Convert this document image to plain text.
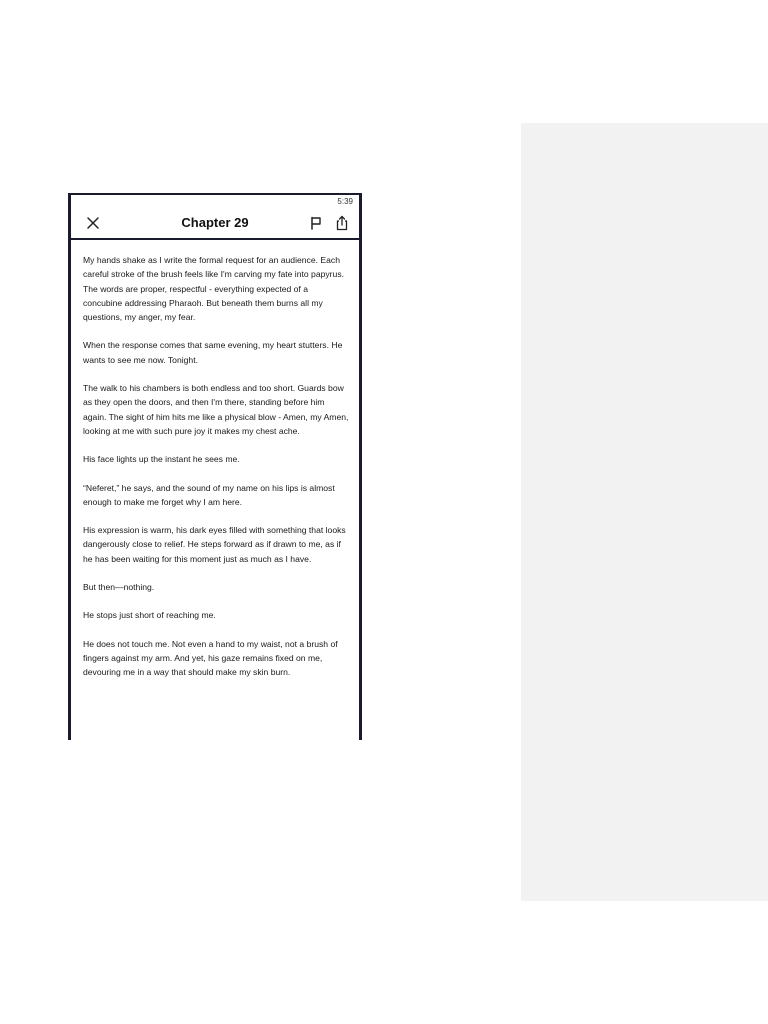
5:39
Chapter 29

My hands shake as I write the formal request for an audience. Each careful stroke of the brush feels like I'm carving my fate into papyrus. The words are proper, respectful - everything expected of a concubine addressing Pharaoh. But beneath them burns all my questions, my anger, my fear.

When the response comes that same evening, my heart stutters. He wants to see me now. Tonight.

The walk to his chambers is both endless and too short. Guards bow as they open the doors, and then I'm there, standing before him again. The sight of him hits me like a physical blow - Amen, my Amen, looking at me with such pure joy it makes my chest ache.

His face lights up the instant he sees me.

“Neferet,” he says, and the sound of my name on his lips is almost enough to make me forget why I am here.

His expression is warm, his dark eyes filled with something that looks dangerously close to relief. He steps forward as if drawn to me, as if he has been waiting for this moment just as much as I have.

But then—nothing.

He stops just short of reaching me.

He does not touch me. Not even a hand to my waist, not a brush of fingers against my arm. And yet, his gaze remains fixed on me, devouring me in a way that should make my skin burn.
